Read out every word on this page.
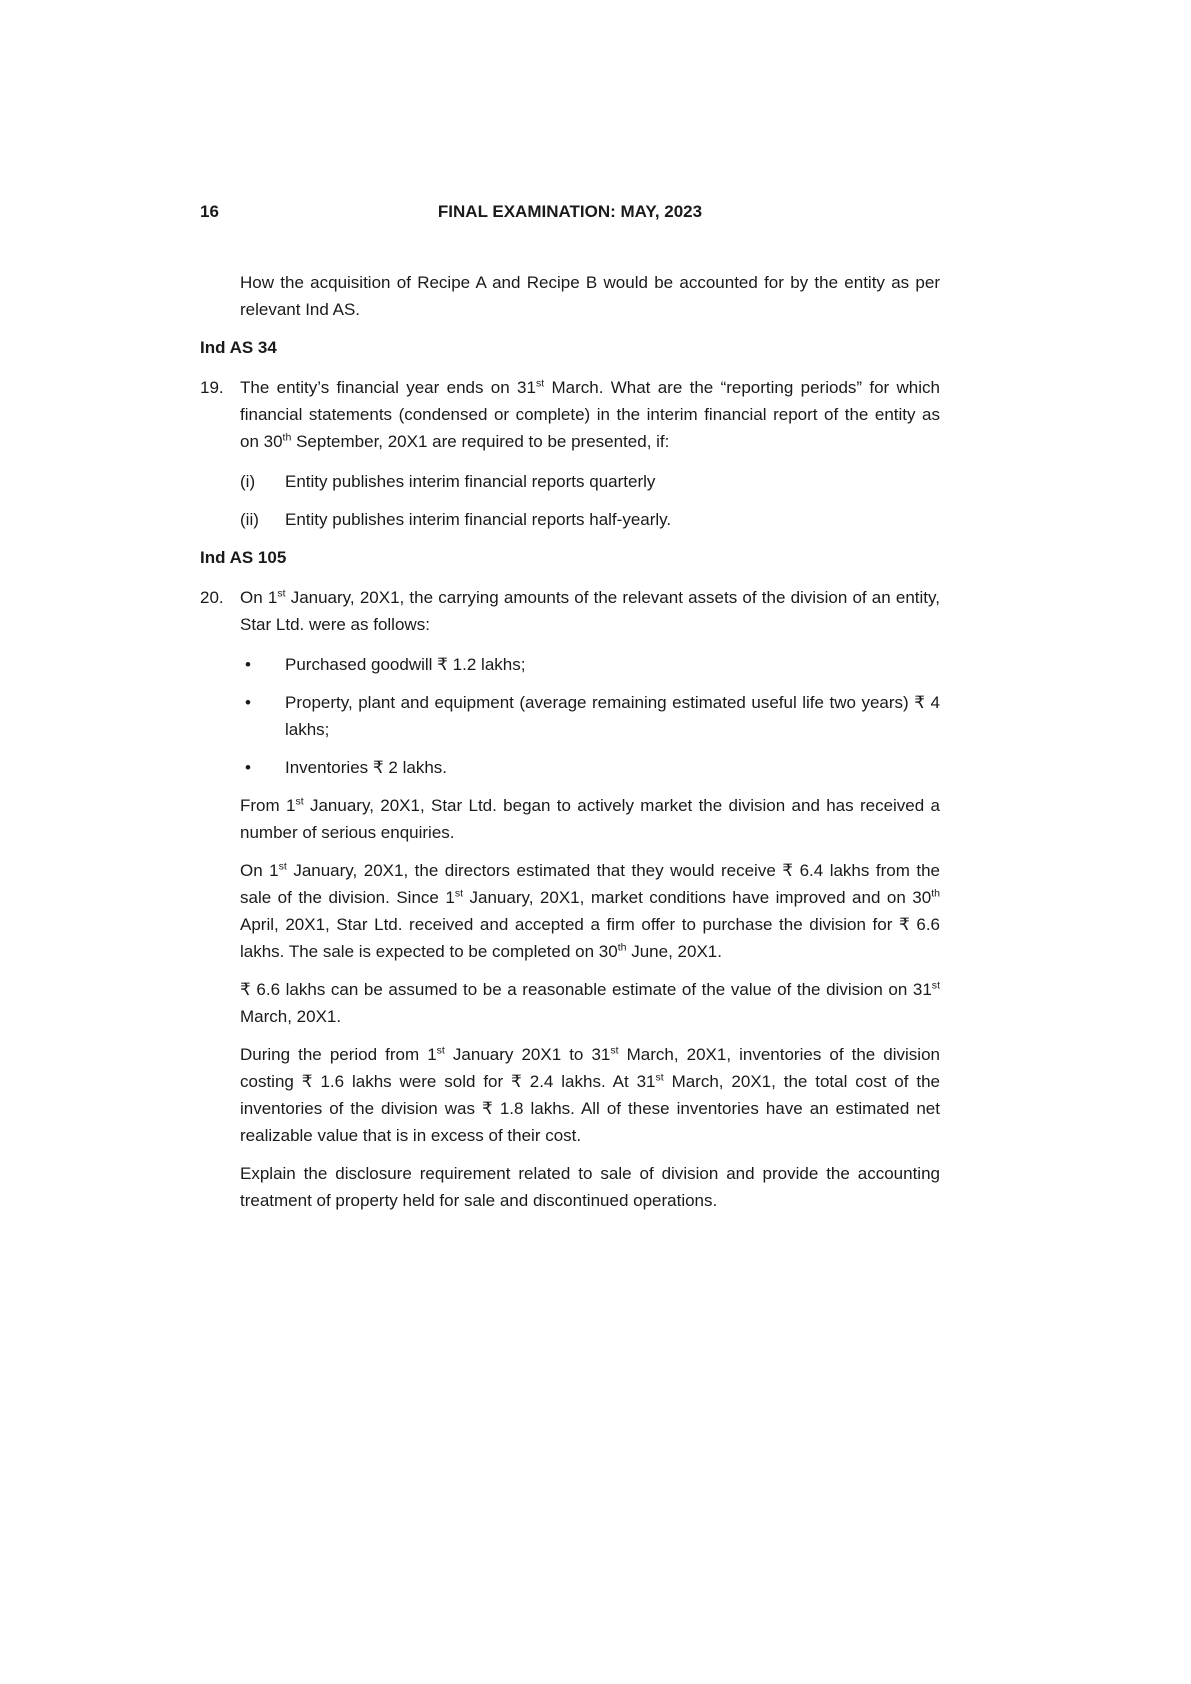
16	FINAL EXAMINATION: MAY, 2023

How the acquisition of Recipe A and Recipe B would be accounted for by the entity as per relevant Ind AS.

Ind AS 34
19. The entity’s financial year ends on 31st March. What are the “reporting periods” for which financial statements (condensed or complete) in the interim financial report of the entity as on 30th September, 20X1 are required to be presented, if:
(i) Entity publishes interim financial reports quarterly
(ii) Entity publishes interim financial reports half-yearly.
Ind AS 105
20. On 1st January, 20X1, the carrying amounts of the relevant assets of the division of an entity, Star Ltd. were as follows:
• Purchased goodwill ₹ 1.2 lakhs;
• Property, plant and equipment (average remaining estimated useful life two years) ₹ 4 lakhs;
• Inventories ₹ 2 lakhs.

From 1st January, 20X1, Star Ltd. began to actively market the division and has received a number of serious enquiries.

On 1st January, 20X1, the directors estimated that they would receive ₹ 6.4 lakhs from the sale of the division. Since 1st January, 20X1, market conditions have improved and on 30th April, 20X1, Star Ltd. received and accepted a firm offer to purchase the division for ₹ 6.6 lakhs. The sale is expected to be completed on 30th June, 20X1.

₹ 6.6 lakhs can be assumed to be a reasonable estimate of the value of the division on 31st March, 20X1.

During the period from 1st January 20X1 to 31st March, 20X1, inventories of the division costing ₹ 1.6 lakhs were sold for ₹ 2.4 lakhs. At 31st March, 20X1, the total cost of the inventories of the division was ₹ 1.8 lakhs. All of these inventories have an estimated net realizable value that is in excess of their cost.

Explain the disclosure requirement related to sale of division and provide the accounting treatment of property held for sale and discontinued operations.
